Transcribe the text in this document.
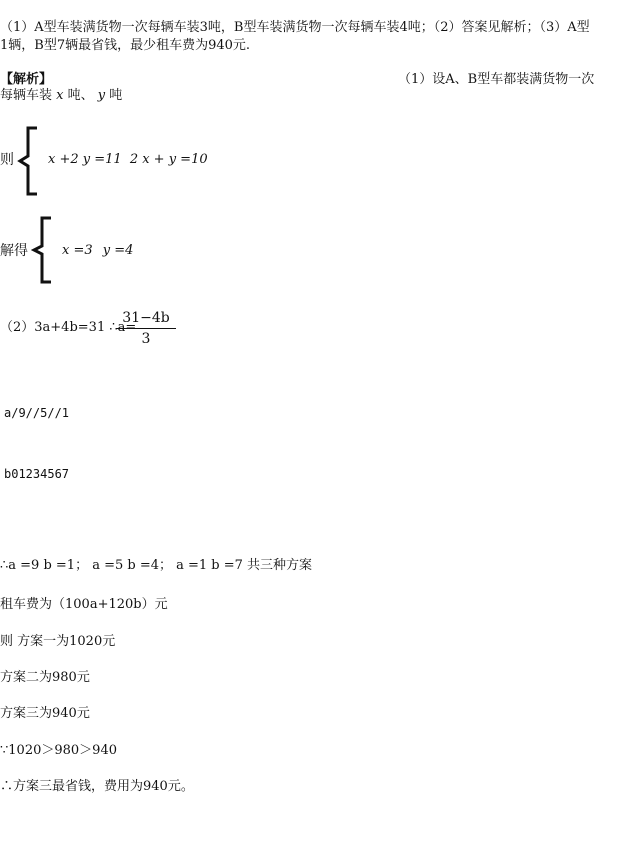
（1）A型车装满货物一次每辆车装3吨，B型车装满货物一次每辆车装4吨；（2）答案见解析；（3）A型
1辆，B型7辆最省钱，最少租车费为940元.
【解析】	（1）设A、B型车都装满货物一次
每辆车装 x 吨、 y 吨
则	x +2 y =11 2 x + y =10
解得	x =3 y =4
（2）3a+4b=31 ∴a=
$\frac{31-4b}{3}$
a/9//5//1
b01234567
∴a =9 b =1； a =5 b =4； a =1 b =7 共三种方案
租车费为（100a+120b）元
则 方案一为1020元
方案二为980元
方案三为940元
∵1020＞980＞940
∴方案三最省钱，费用为940元。
